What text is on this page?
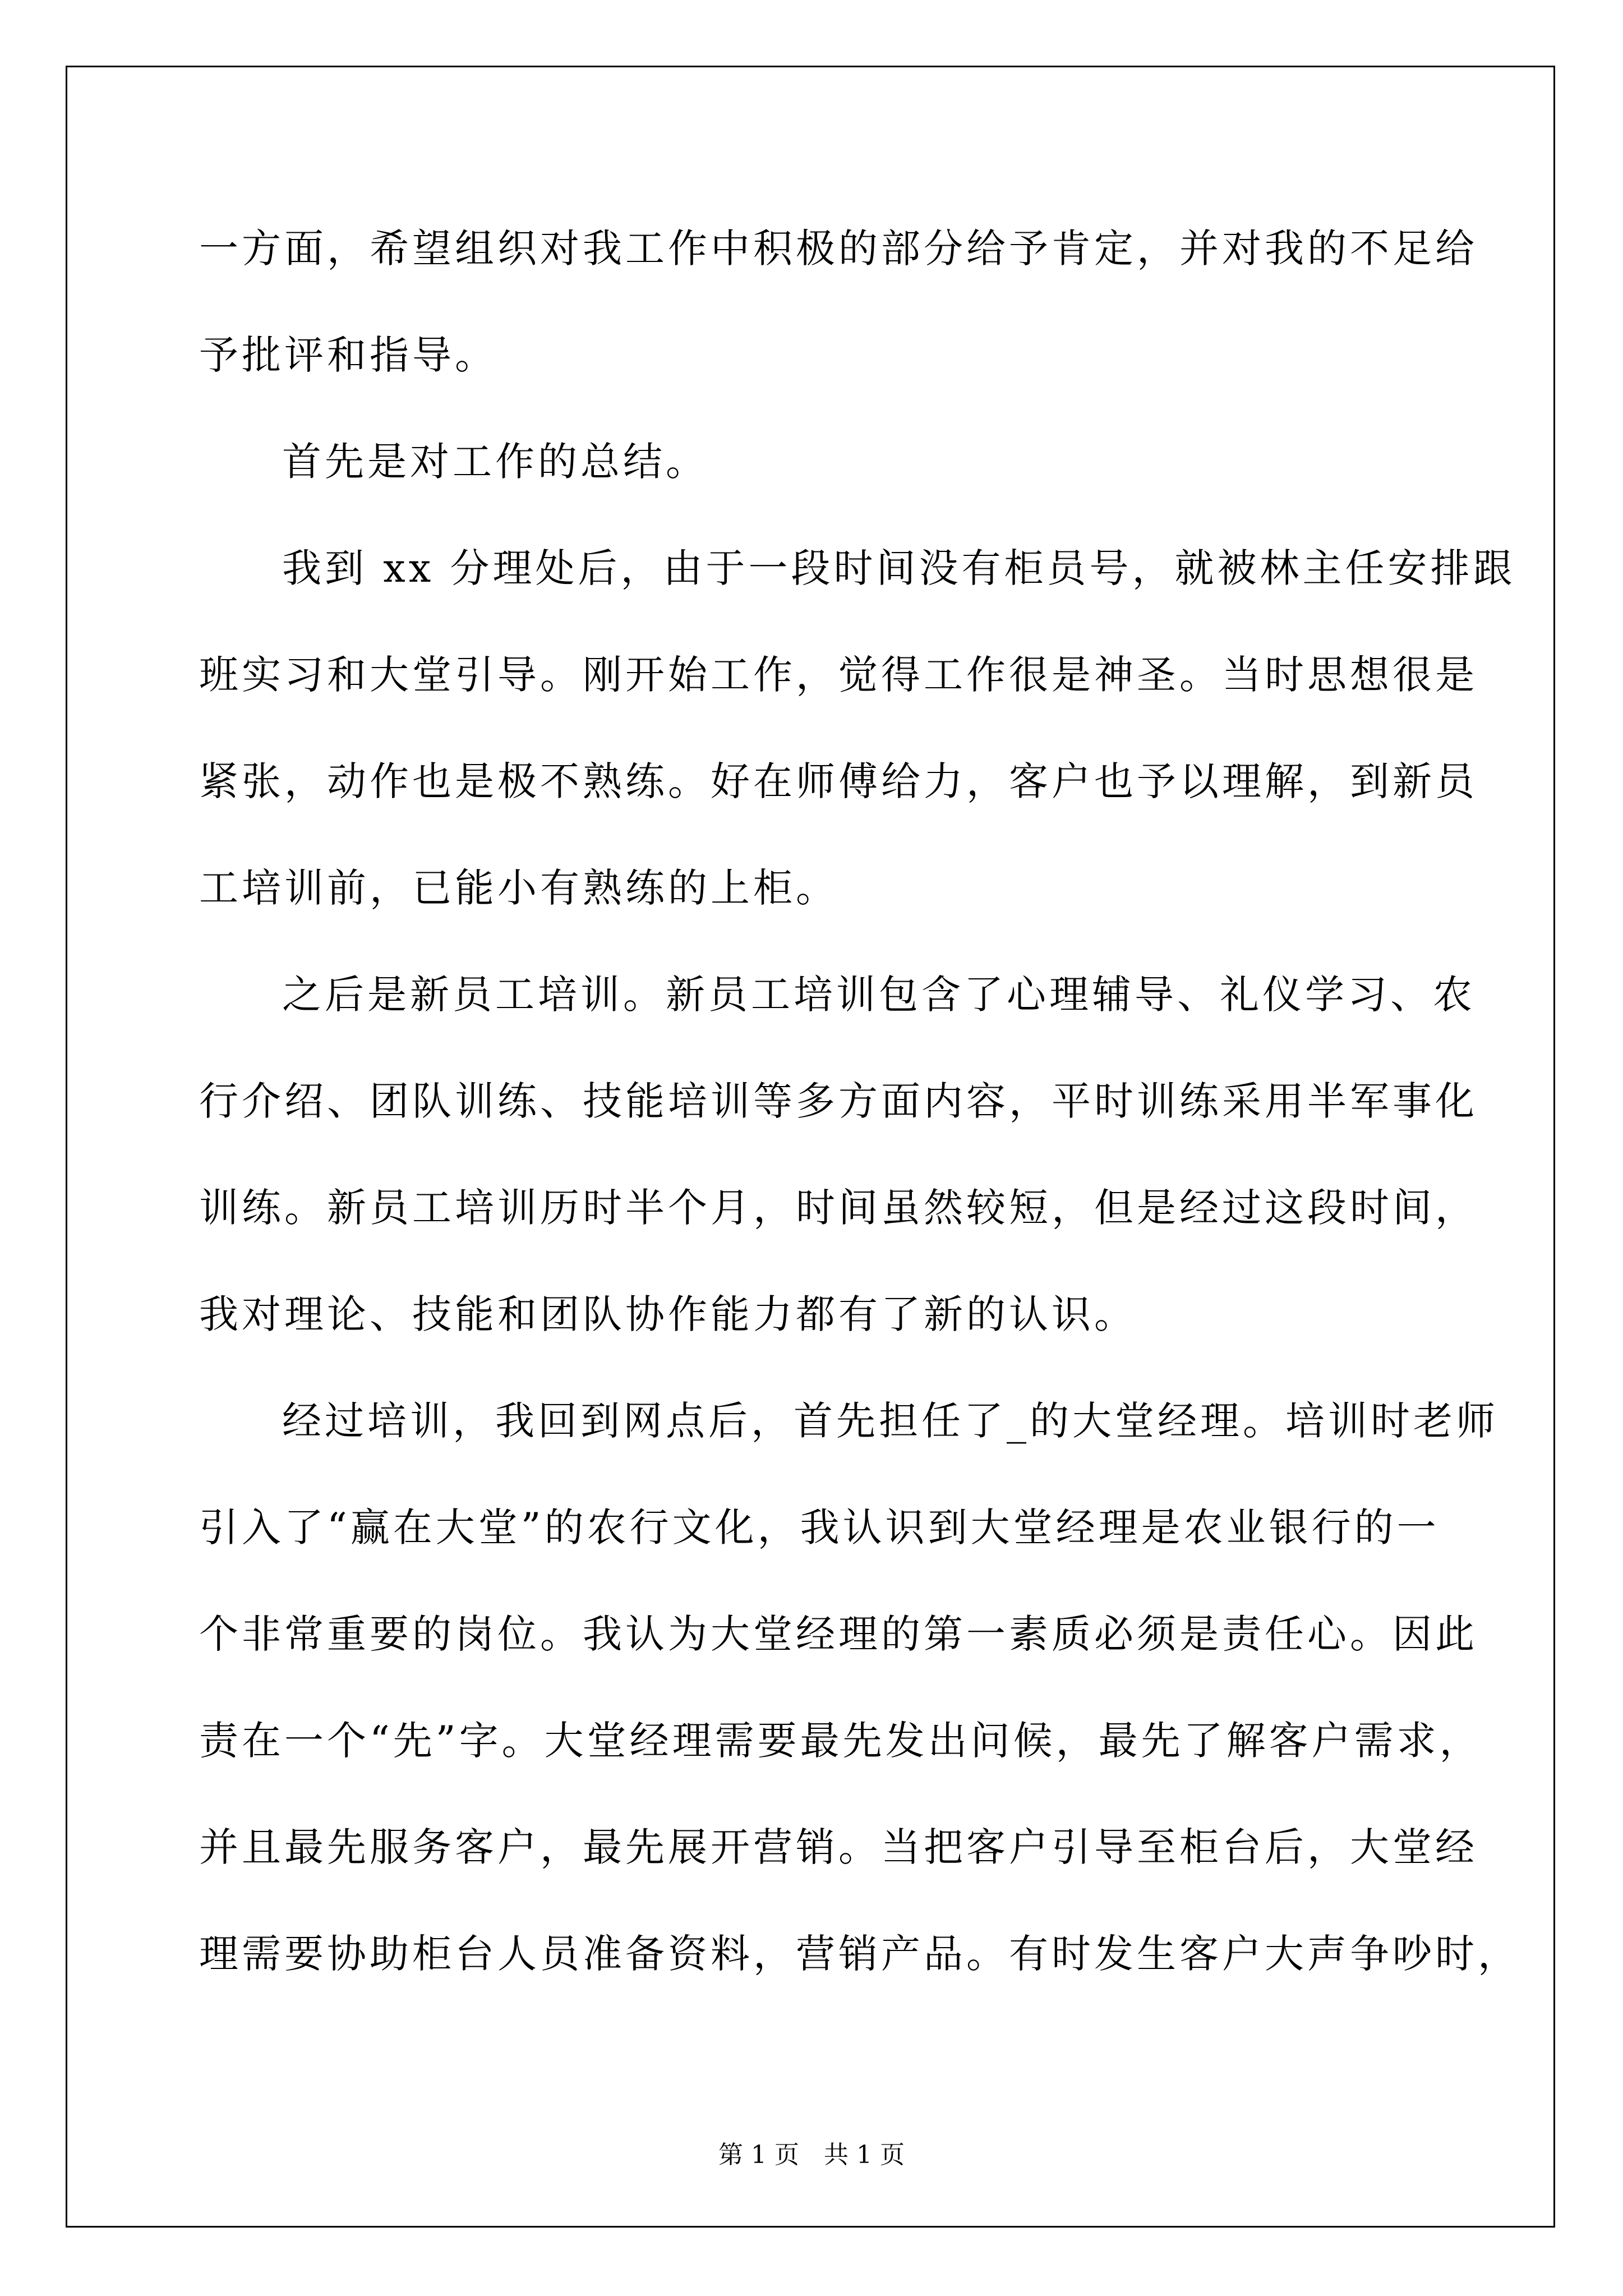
一方面，希望组织对我工作中积极的部分给予肯定，并对我的不足给
予批评和指导。
首先是对工作的总结。
我到 xx 分理处后，由于一段时间没有柜员号，就被林主任安排跟
班实习和大堂引导。刚开始工作，觉得工作很是神圣。当时思想很是
紧张，动作也是极不熟练。好在师傅给力，客户也予以理解，到新员
工培训前，已能小有熟练的上柜。
之后是新员工培训。新员工培训包含了心理辅导、礼仪学习、农
行介绍、团队训练、技能培训等多方面内容，平时训练采用半军事化
训练。新员工培训历时半个月，时间虽然较短，但是经过这段时间，
我对理论、技能和团队协作能力都有了新的认识。
经过培训，我回到网点后，首先担任了_的大堂经理。培训时老师
引入了“赢在大堂”的农行文化，我认识到大堂经理是农业银行的一
个非常重要的岗位。我认为大堂经理的第一素质必须是责任心。因此
责在一个“先”字。大堂经理需要最先发出问候，最先了解客户需求，
并且最先服务客户，最先展开营销。当把客户引导至柜台后，大堂经
理需要协助柜台人员准备资料，营销产品。有时发生客户大声争吵时，
第 1 页　共 1 页
